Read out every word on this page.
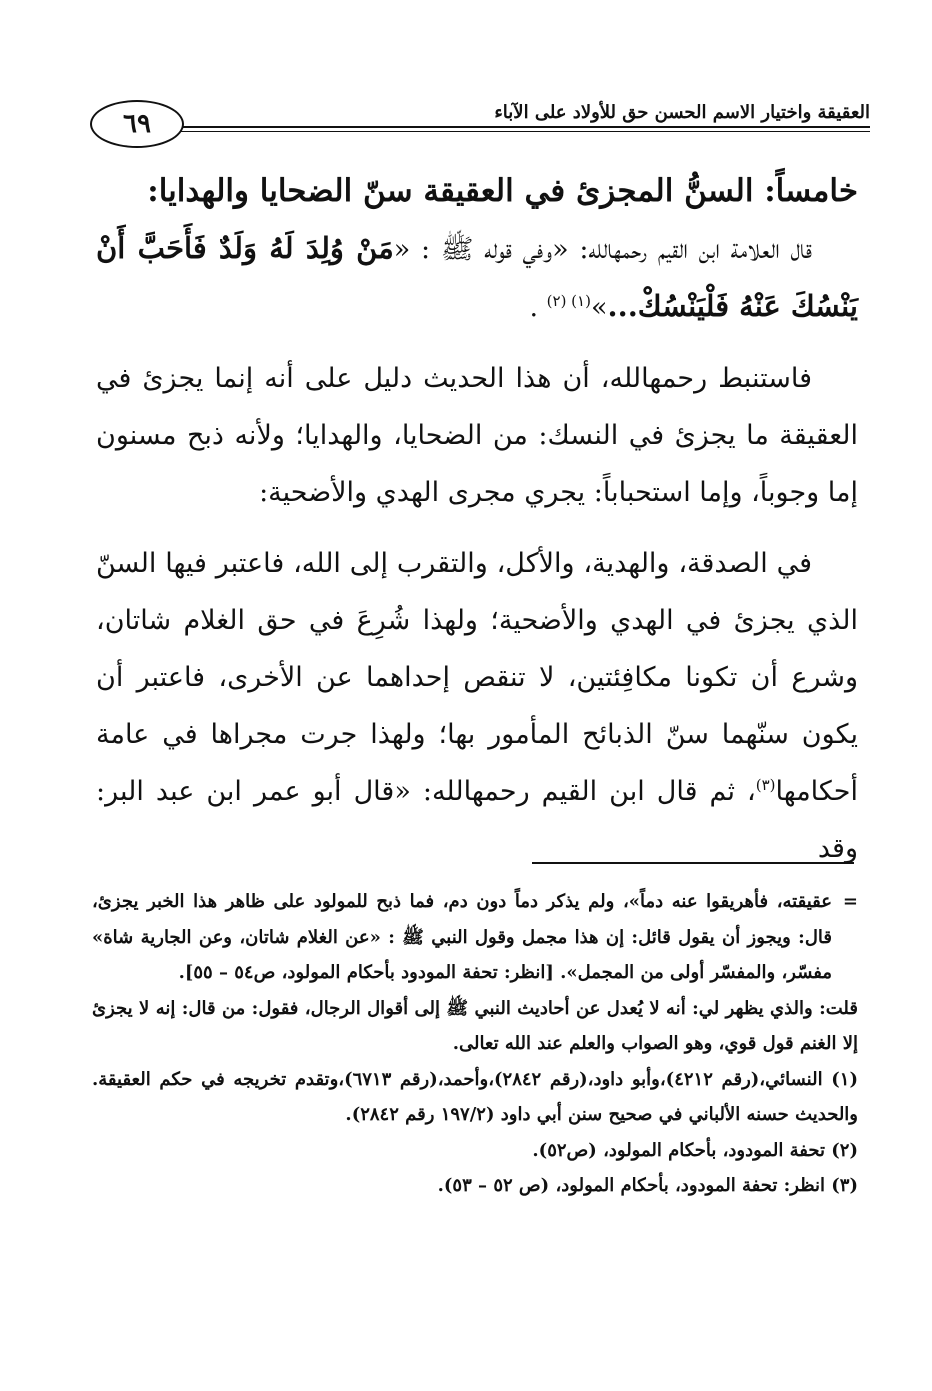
٦٩	العقيقة واختيار الاسم الحسن حق للأولاد على الآباء

خامساً: السنُّ المجزئ في العقيقة سنّ الضحايا والهدايا:

قال العلامة ابن القيم رحمهالله: «وفي قوله ﷺ : «مَنْ وُلِدَ لَهُ وَلَدٌ فَأَحَبَّ أَنْ يَنْسُكَ عَنْهُ فَلْيَنْسُكْ...»$^{(١) (٢)}$ .

فاستنبط رحمهالله، أن هذا الحديث دليل على أنه إنما يجزئ في العقيقة ما يجزئ في النسك: من الضحايا، والهدايا؛ ولأنه ذبح مسنون إما وجوباً، وإما استحباباً: يجري مجرى الهدي والأضحية:

في الصدقة، والهدية، والأكل، والتقرب إلى الله، فاعتبر فيها السنّ الذي يجزئ في الهدي والأضحية؛ ولهذا شُرِعَ في حق الغلام شاتان، وشرع أن تكونا مكافِئتين، لا تنقص إحداهما عن الأخرى، فاعتبر أن يكون سنّهما سنّ الذبائح المأمور بها؛ ولهذا جرت مجراها في عامة أحكامها$^{(٣)}$، ثم قال ابن القيم رحمهالله: «قال أبو عمر ابن عبد البر: وقد

=
عقيقته، فأهريقوا عنه دماً»، ولم يذكر دماً دون دم، فما ذبح للمولود على ظاهر هذا الخبر يجزئ، قال: ويجوز أن يقول قائل: إن هذا مجمل وقول النبي ﷺ : «عن الغلام شاتان، وعن الجارية شاة» مفسّر، والمفسّر أولى من المجمل». [انظر: تحفة المودود بأحكام المولود، ص٥٤ – ٥٥].

قلت: والذي يظهر لي: أنه لا يُعدل عن أحاديث النبي ﷺ إلى أقوال الرجال، فقول: من قال: إنه لا يجزئ إلا الغنم قول قوي، وهو الصواب والعلم عند الله تعالى.

(١) النسائي،(رقم ٤٢١٢)،وأبو داود،(رقم ٢٨٤٢)،وأحمد،(رقم ٦٧١٣)،وتقدم تخريجه في حكم العقيقة. والحديث حسنه الألباني في صحيح سنن أبي داود (١٩٧/٢ رقم ٢٨٤٢).

(٢) تحفة المودود، بأحكام المولود، (ص٥٢).

(٣) انظر: تحفة المودود، بأحكام المولود، (ص ٥٢ – ٥٣).
